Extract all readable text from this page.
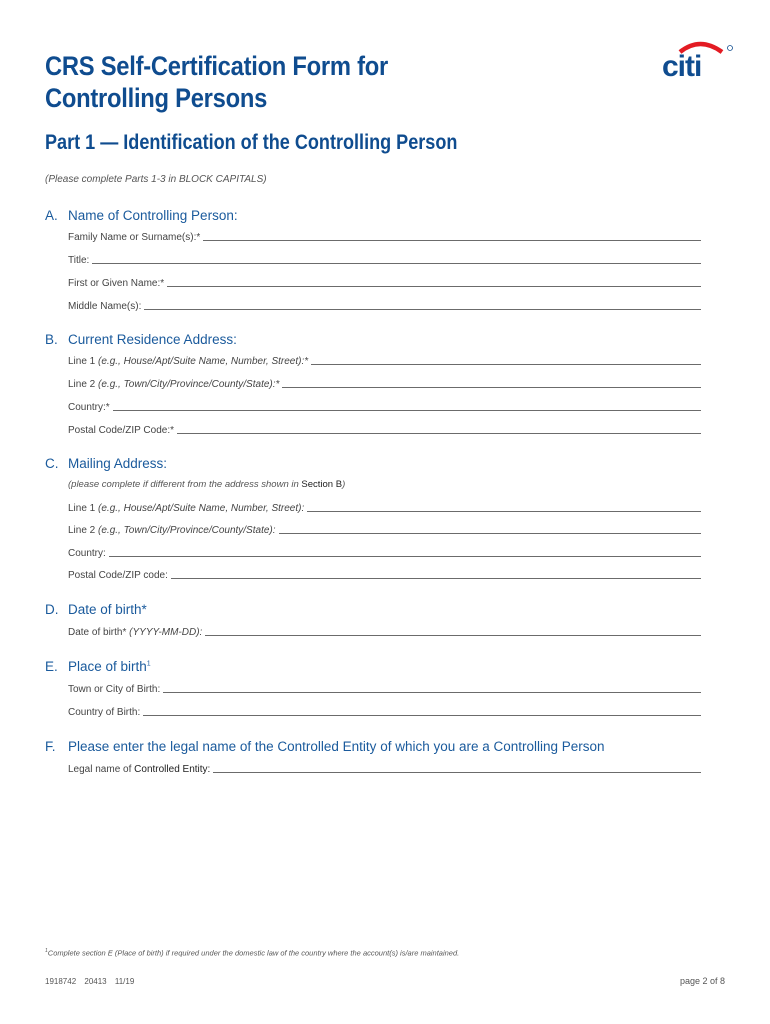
CRS Self-Certification Form for
Controlling Persons
citi
Part 1 — Identification of the Controlling Person
(Please complete Parts 1-3 in BLOCK CAPITALS)
A. Name of Controlling Person:
Family Name or Surname(s):*
Title:
First or Given Name:*
Middle Name(s):
B. Current Residence Address:
Line 1 (e.g., House/Apt/Suite Name, Number, Street):*
Line 2 (e.g., Town/City/Province/County/State):*
Country:*
Postal Code/ZIP Code:*
C. Mailing Address:
(please complete if different from the address shown in Section B)
Line 1 (e.g., House/Apt/Suite Name, Number, Street):
Line 2 (e.g., Town/City/Province/County/State):
Country:
Postal Code/ZIP code:
D. Date of birth*
Date of birth* (YYYY-MM-DD):
E. Place of birth$^1$
Town or City of Birth:
Country of Birth:
F. Please enter the legal name of the Controlled Entity of which you are a Controlling Person
Legal name of Controlled Entity:
$^1$Complete section E (Place of birth) if required under the domestic law of the country where the account(s) is/are maintained.
1918742 20413 11/19	page 2 of 8
